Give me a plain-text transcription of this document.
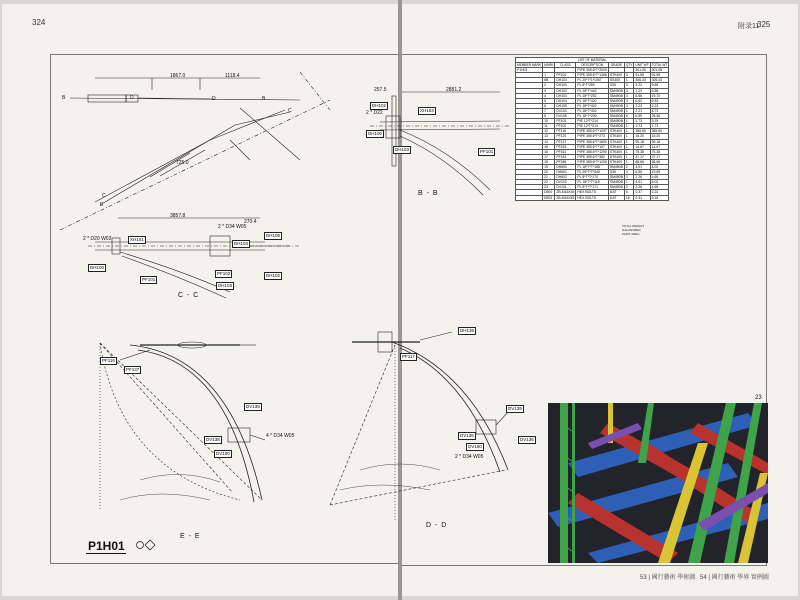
324	附录11
325
B	D	D	B
C
C
E
1867.0	1118.4
725.0
3857.8
270.4
XH101
DH100
PF101
PF102
DH103
DH104
DH105
DH102
2 * D20 W02
2 * D34 W05
C - C
257.5	2881.2
DH102
XH103
DH100
DH103	PF101
2 * D22
B - B
PF116
PF137
DV139
DV138
DV100
4 * D34 W05
E - E
DH136
PF117
DV139
DV138
DV100
DV136
2 * D34 W05
D - D
P1H01
LIST OF MATERIAL							
MEMBER MARK	MARK	CLASS	DESCRIPTION	GRADE	QTY	UNIT WT	TOTAL WT
P1H01			PIPE 355.6*T*2000			301.05	301.05
	1	PF102	PIPE 355.6*T*1306	STK400	3	91.55	91.55
	6B	DH104	PL 25*T*1*1067	SS400	1	306.43	306.43
	2	DH100	PL 8*T*280	S35	3	3.22	9.65
	3	DH102	PL 18*T*442	SM490B	3	2.23	6.58
	4	DH103	PL 18*T*252	SM490B	3	6.56	19.70
	5	DH104	PL 18*T*420	SM490B	3	6.52	6.52
	6	DH105	PL 18*T*402	SM490B	3	2.23	2.23
	7	DV103	PL 18*T*402	SM490B	1	2.21	8.73
	8	DV105	PL 18*T*200	SM490B	6	6.59	26.36
	10	PF103	PIE 12*T*214	SM490B	1	1.73	5.19
	11	PF102	PIE 12*T*214	SM490B	1	1.73	1.73
	12	PF116	PIPE 355.6*T*1097	STK400	1	355.50	355.50
	13	PF120	PIPE 355.6*T*273	STK400	1	15.20	15.20
	14	PF137	PIPE 355.6*T*1690	STK400	1	99.18	99.18
	15	PF153	PIPE 355.6*T*107	STK400	1	14.67	14.67
	16	PF161	PIPE 355.6*T*1290	STK400	1	75.38	75.38
	17	PF163	PIPE 355.6*T*382	STK400	1	37.17	37.17
	18	PF186	PIPE 355.6*T*1205	STK400	1	68.66	68.66
	19	DH600	PL 18*T*T*185	SM490B	2	4.01	8.02
	20	DH601	PL 25*T*T*545	S35	3	6.56	19.69
	21	DH602	PL 8*T*T*170	SM490B	3	2.26	4.65
	22	DV103	PL 18*T*T*118	SM490B	1	4.01	8.02
	23	DV101	PL 8*T*T*171	SM490B	2	2.26	4.65
	D500	ZB-M16X45	HEX BOLTS	8.8T	6	0.37	2.22
	M901	ZB-M16X45	HEX BOLTS	8.8T	16	0.31	9.18
TOTAL WEIGHT
GALVANIZED
PAINT AREA
23
53 | 國行藝術 學術圖 54 | 國行藝術 學界 實例圖
